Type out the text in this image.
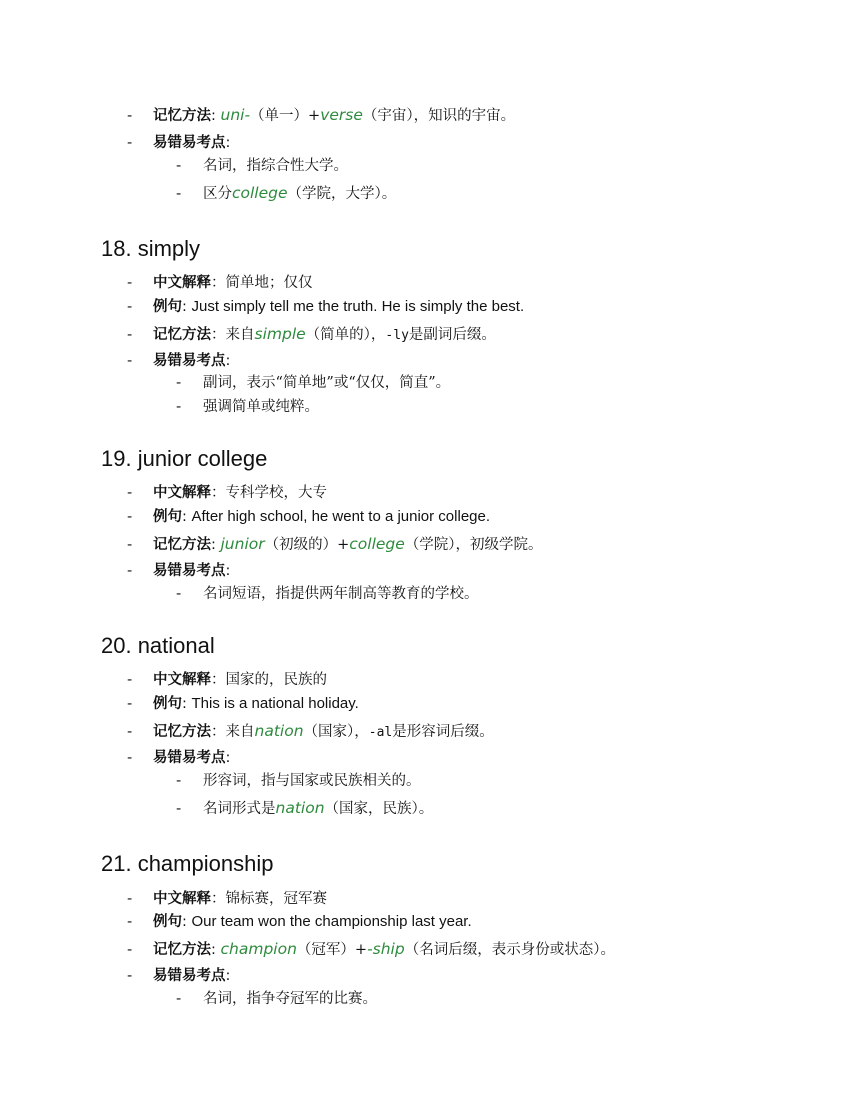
- 记忆方法: uni-（单一）+verse（宇宙），知识的宇宙。
- 易错易考点:
- 名词，指综合性大学。
- 区分college（学院，大学）。
18. simply
- 中文解释：简单地；仅仅
- 例句: Just simply tell me the truth. He is simply the best.
- 记忆方法：来自simple（简单的），-ly是副词后缀。
- 易错易考点:
- 副词，表示“简单地”或“仅仅，简直”。
- 强调简单或纯粹。
19. junior college
- 中文解释：专科学校，大专
- 例句: After high school, he went to a junior college.
- 记忆方法: junior（初级的）+college（学院），初级学院。
- 易错易考点:
- 名词短语，指提供两年制高等教育的学校。
20. national
- 中文解释：国家的，民族的
- 例句: This is a national holiday.
- 记忆方法：来自nation（国家），-al是形容词后缀。
- 易错易考点:
- 形容词，指与国家或民族相关的。
- 名词形式是nation（国家，民族）。
21. championship
- 中文解释：锦标赛，冠军赛
- 例句: Our team won the championship last year.
- 记忆方法: champion（冠军）+-ship（名词后缀，表示身份或状态）。
- 易错易考点:
- 名词，指争夺冠军的比赛。
